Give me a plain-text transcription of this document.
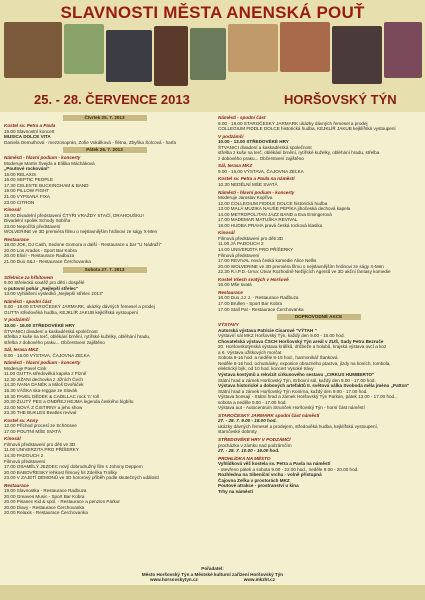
SLAVNOSTI MĚSTA ANENSKÁ POUŤ
25. - 28. ČERVENCE 2013	HORŠOVSKÝ TÝN
Čtvrtek 25. 7. 2013
Kostel sv. Petra a Pavla
19.00 Slavnostní koncert
MUSICA DOLCE VITA
Daniela Demuthová - mezzosoprán, Zofie Vokálková - flétna, Zbyňka Šolcová - harfa
Pátek 26. 7. 2013
Náměstí - hlavní podium - koncerty
Moderuje Martin Švejda a Eliška Mácháková
„Poutové rockování"
15.00 RELAXIS
16.00 SEPTIC PEOPLE
17.30 CELESTE BUCKINGHAM & BAND
19.00 PILLOW FIGHT
21.00 VYPSANÁ FIXA
23.00 CITRON
Kinosál
19.00 Divadelní představení ČTYŘI VRAŽDY STAČÍ, DRAHOUŠKU!
Divadelní spolek Schody Sobíňa
23.00 Nepočítá představení
WOLVERINE ve 3D premiéra filmu o nejslavnějším hrdinovi ze ságy X-Men
Restaurace
18.00 JOK, DJ Cash, Sedone Gomora a další - Restaurace u bar "U Nádraží"
20.00 Los Arados - Sport Bar Kobra
20.00 Elixír - Restaurace Radbuza
21.00 Duo S&J - Restaurace Čerchovanka
Sobota 27. 7. 2013
Střelnice za hřbitovem
9.00 Střelecká soutěž pro děti i dospělé
o putovní pohár „Nejlepší střelec"
13.00 Vyhlášení výsledků „Nejlepší střelec 2013"
Náměstí - spodní část
9.00 - 18.00 STAROČESKÝ JARMARK, ukázky dávných řemesel a prodej
GUTTA středověká hudba, KEJKLÍŘ JAKUB kejklířská vystoupení
V podzámčí
10.00 - 16.00 STŘEDOVĚKÉ HRY
ŠTVANICI divadení a kaskadérská společnost
střelba z kuše na terč, oblékání brnění, rytířské kuželky, obléhání hradu,
střelba z dobového praku... Občerstvení zajištěno
Sál, terasa MKZ
9.00 - 16.00 VÝSTAVA, ČAJOVNA ZEĽKA
Náměstí - hlavní podium - koncerty
Moderuje Pavel Cink
11.00 GUTTA středověká kapela z Plzně
12.30 JIŽANI dechovka z Jižních Čech
14.30 IVANA DANĚK a Miloš Dvořáček
16.30 VÁŠKA ska-reggae ze Slovák
18.30 PAVEL DĚDEK & CADILLAC rock 'n' roll
20.30 ŽLUTÝ PES a ONDŘEJ HEJMA legenda českého bigbítu
22.00 NOVÁ Z ČISTIRNY a jeho show
23.30 THE BUKLES Beatles revival
Kostel sv. Anny
12.00 Příchod procesí ze Schönsee
17.00 POUTNÍ MŠE SVATÁ
Kinosál
Filmová představení pro děti ve 3D
11.00 UNIVERZITA PRO PŘÍŠERKY
14.30 PADOUCH 2
Filmová představení
17.00 OSAMĚLÝ JEZDEC nový dobrodružný film s Johnny Deppem
20.00 BABOVŘESKY lehkost filmový hit Zdeňka Trošky
23.00 V ZAJETÍ DÉMONŮ ve 3D hororový příběh podle skutečných událostí
Restaurace
19.00 Slavnostka - Restaurace Radbuza
20.00 Greaves Music - Sport Bar Kobra
20.00 Pisanec Kid & spol. - Restaurace a penzion Parkur
20.00 Diavy - Restaurace Čerchovanka
20.00 Relaxis - Restaurace Čerchovanka
Náměstí - spodní část
9.00 - 18.00 STAROČESKÝ JARMARK ukázky dávných řemesel a prodej
COLLEGIUM FIDDLE DOLCE historická hudba, KEJKLÍŘ JAKUB kejklířská vystoupení
V podzámčí
10.00 - 13.00 STŘEDOVĚKÉ HRY
ŠTVANICI divadení a kaskadérská společnost
střelba z kuše na terč, oblékání brnění, rytířské kuželky, obléhání hradu, střelba
z dobového praku... Občerstvení zajištěno
Sál, terasa MKZ
9.00 - 16.00 VÝSTAVA, ČAJOVNA ZEĽKA
Kostel sv. Petra a Pavla na náměstí
10.30 NEDĚLNÍ MŠE SVATÁ
Náměstí - hlavní podium - koncerty
Moderuje Jaroslav Kopřiva
12.00 COLLEGIUM FIDDLE DOLCE historická hudba
13.00 MALÁ MUZIKA NAUŠE PEPÍKA jihočeská dechová kapela
14.00 METROPOLITAN JAZZ BAND a Eva Emingerová
17.00 MADEMAR MATUŠKA REVIVAL
18.00 HUDBA PRAHA pravá česká rocková klasika
Kinosál
Filmová představení pro děti 3D
11.00 JÁ PADOUCH 2
14.00 UNIVERZITA PRO PŘÍŠERKY
Filmová představení
17.00 REVIVAL nová česká komedie Alice Nellis
20.00 WOLVERINE ve 3D premiéra filmu o nejslavnějším hrdinovi ze ságy X-Men
22.30 R.I.P.D.-Urna: Útvar Rozhodně Nežijících Agentů ve 3D akční fantasy komedie
Kostel Všech svatých v Horšově
16.00 Mše svatá
Restaurace
16.00 Duo J.z J. - Restaurace Radbuza
17.00 Brullen - Sport Bar Kobra
17.00 Stall Pal - Restaurace Čerchovanka
DOPROVODNÉ AKCE
VÝSTAVY
Autorská výstava Patricie Cisarové "VÝTAH "
Výstavní sál MKZ Horšovský Týn, každý den 9.00 - 16.00 hod.
Chovatelská výstava ČSCH Horšovský Týn areál v ZUŠ, Sady Petra Bezruče
20. Horšovskotýnská výstava králíků, drůbeže a holubů, krajská výstava ovcí a koz
a 6. Výstava užitkových morčat
Sobota 8-16 hod. a neděle 8-15 hod., harmonikář Šanková
Neděle 8-16 hod. ochutnávky, exposice obrazného ptactva, jízdy na koních, tombola,
elektrický býk, od 10 hod. koncert Vysoké trávy
Výstava kostýmů a rekvizit cirkusového sestavu „CIRKUS HUMBERTO"
Státní hrad a zámek Horšovský Týn, Erbovní sál, každý den 9.00 - 17.00 hod.
Výstava historické a dobových artefaktů II. světová válka Svoboda měla jméno „Patton"
Státní hrad a zámek Horšovský Týn Konírna, každý den 9.00 - 17.00 hod.
Výstava bonsají - Státní hrad a zámek Horšovský Týn Parkán, pátek 13.00 - 17.00 hod.,
sobota a neděle 9.00 - 17.00 hod.
Výstava aut - Autocentrum Strunček Horšovský Týn - horní část náměstí
STAROČESKÝ JARMARK spodní část náměstí
27. - 28. 7. 9.00 - 18.00 hod.
ukázky dávných řemesel a prodejem, středověká hudba, kejklířská vystoupení,
staročeské dobroty
STŘEDOVĚKÉ HRY V PODZÁMČÍ
procházka v zámku nad podzámčím
27. - 28. 7. 10.00 - 16.00 hod.
PROHLÍDKA NA MĚSTO
Vyhlídková věž kostela sv. Petra a Pavla na náměstí
- otevřeno pátek a sobota 9.00 - 22.00 hod., neděle 9.00 - 20.00 hod.
Rozhledna na Sibeniční vrchu - volně přístupná
Čajovna Zeľka v prostorách MKZ
Poutové atrakce - prostranství u kina
Trhy na náměstí
Pořadatel:
Město Horšovský Týn a Městské kulturní zařízení Horšovský Týn
www.horsovskytyn.cz                                    www.mkzht.cz
